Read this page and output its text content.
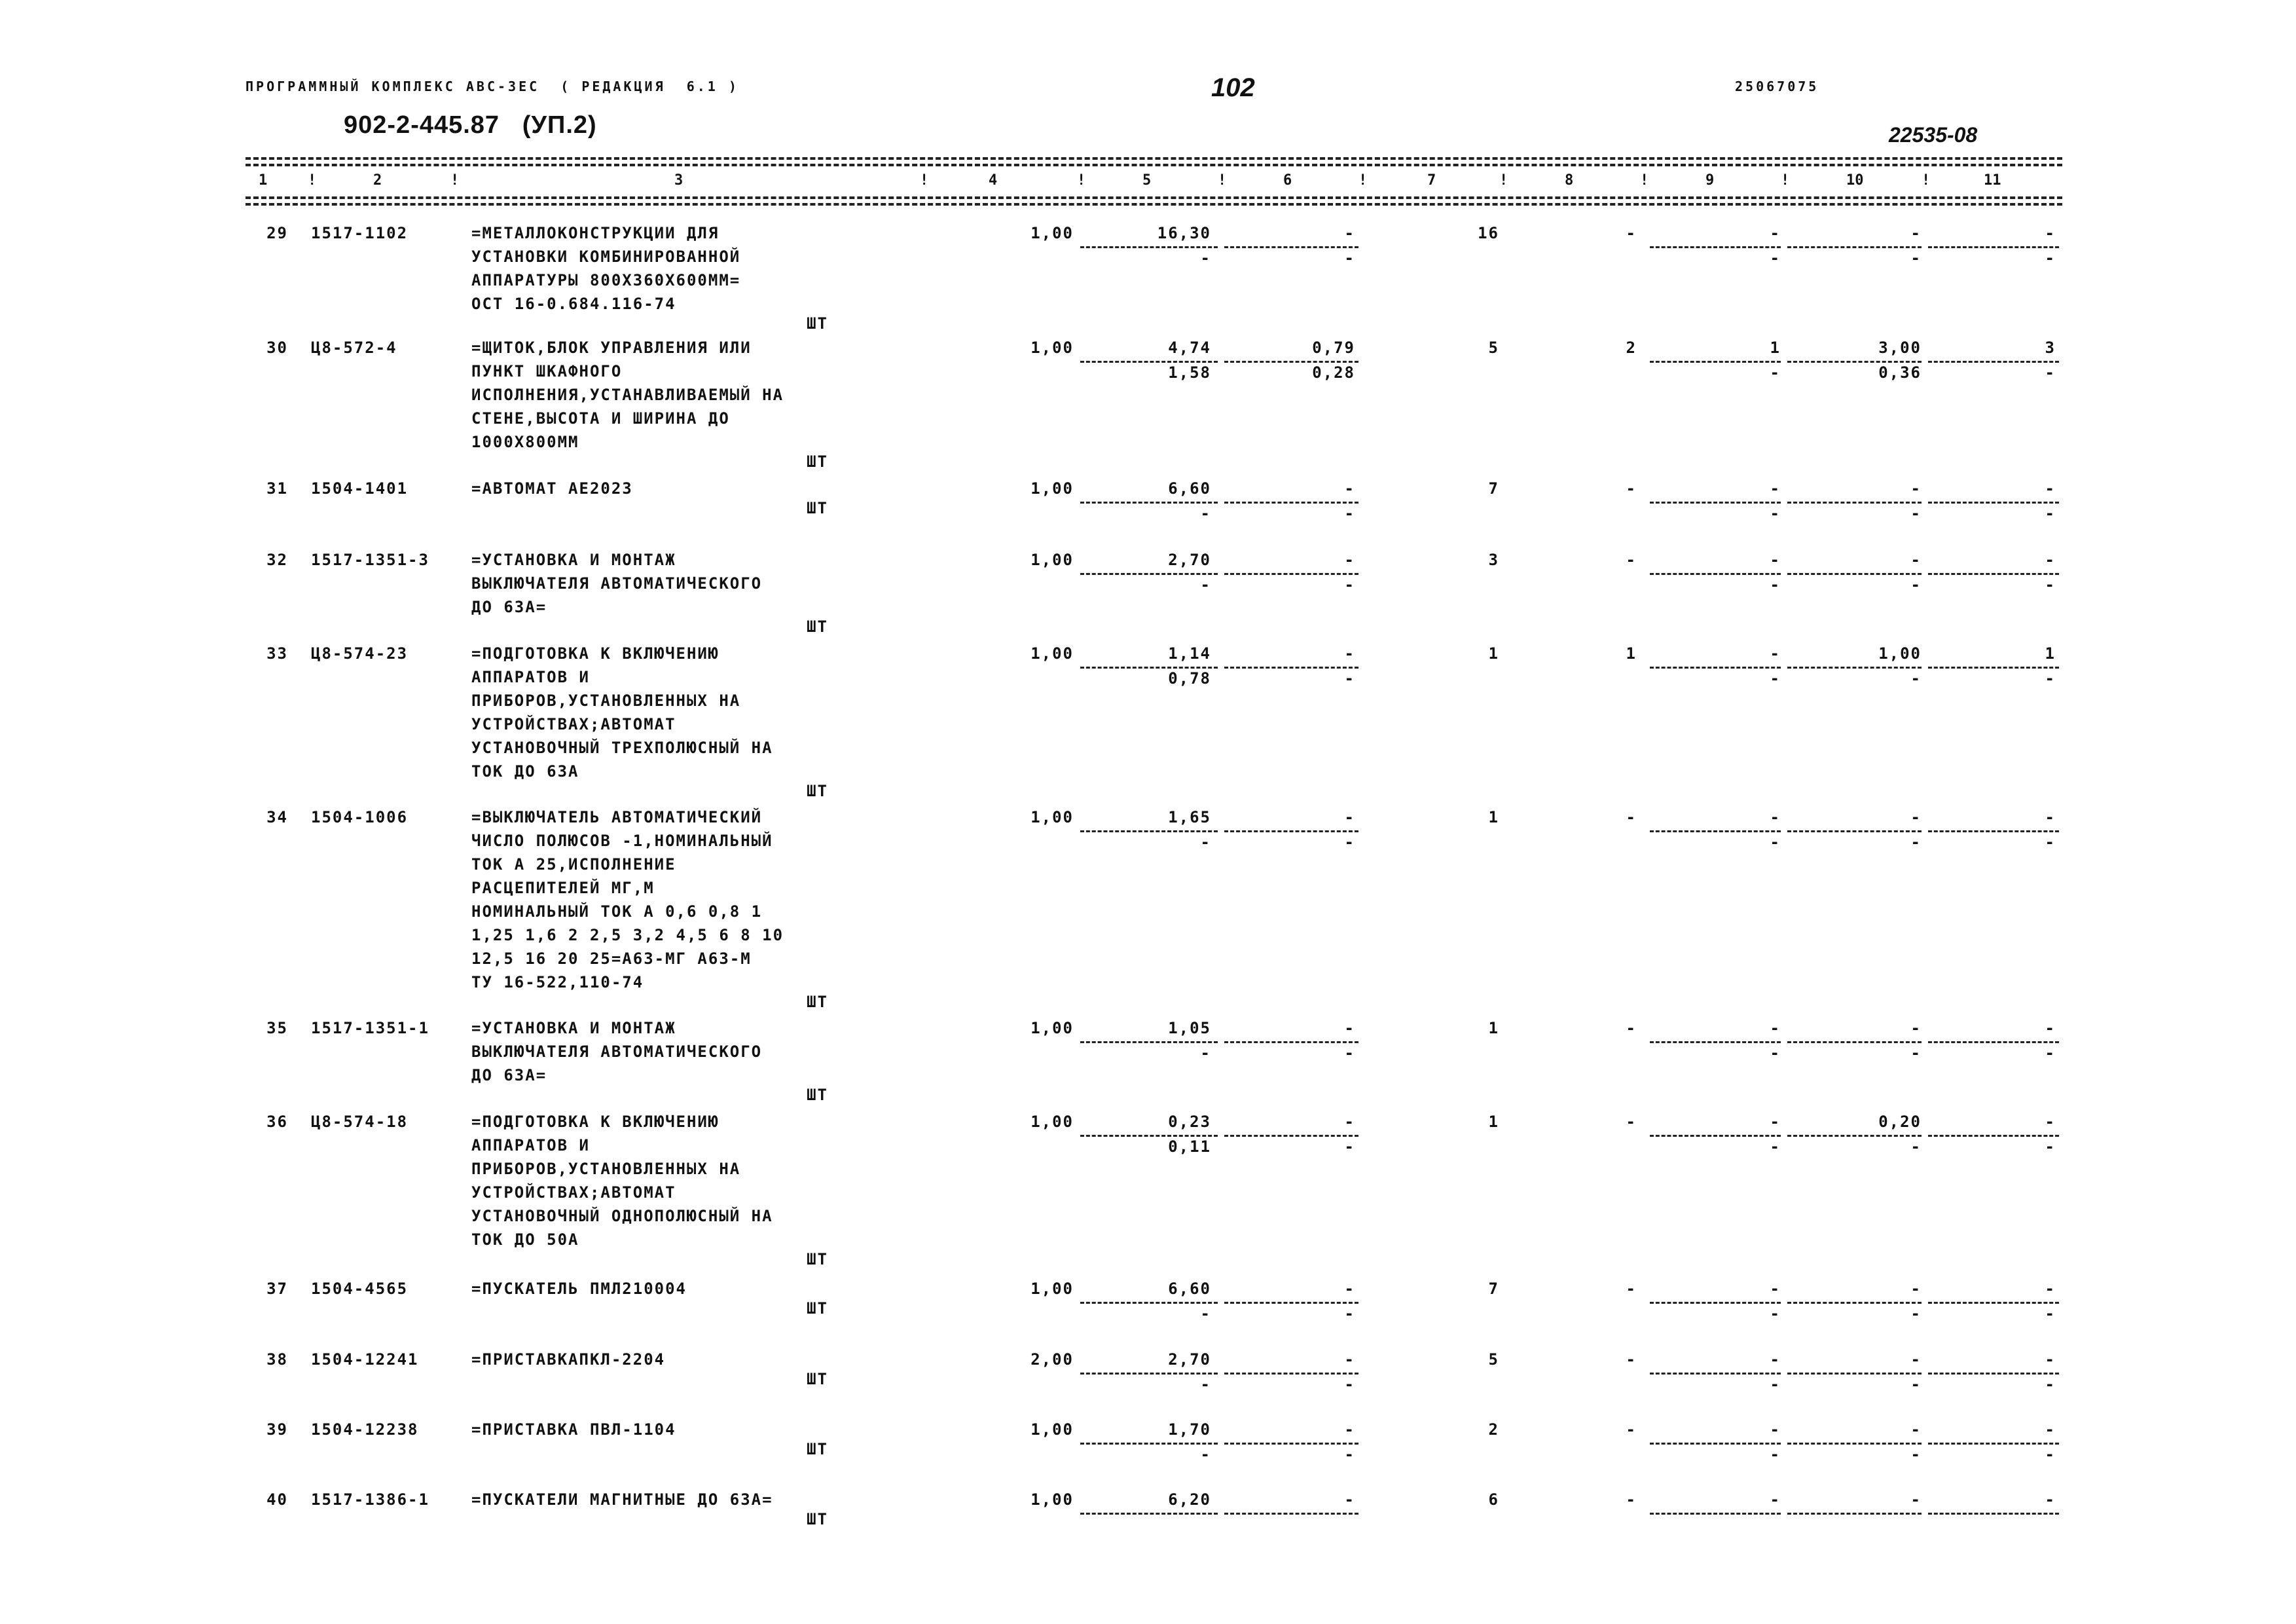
ПРОГРАММНЫЙ КОМПЛЕКС АВС-ЗЕС  ( РЕДАКЦИЯ  6.1 )	102	25067075
902-2-445.87   (УП.2)	22535-08
1	!	2	!	3	!	4	!	5	!	6	!	7	!	8	!	9	!	10	!	11
29 1517-1102	=МЕТАЛЛОКОНСТРУКЦИИ ДЛЯ
УСТАНОВКИ КОМБИНИРОВАННОЙ
АППАРАТУРЫ 800Х360Х600ММ=
ОСТ 16-0.684.116-74
ШТ
1,00	16,30	-	16	-	-	-	-
-	-	-	-	-
30 Ц8-572-4	=ЩИТОК,БЛОК УПРАВЛЕНИЯ ИЛИ
ПУНКТ ШКАФНОГО
ИСПОЛНЕНИЯ,УСТАНАВЛИВАЕМЫЙ НА
СТЕНЕ,ВЫСОТА И ШИРИНА ДО
1000Х800ММ
ШТ
1,00	4,74	0,79	5	2	1	3,00	3
1,58	0,28	-	0,36	-
31 1504-1401	=АВТОМАТ АЕ2023
ШТ
1,00	6,60	-	7	-	-	-	-
-	-	-	-	-
32 1517-1351-3	=УСТАНОВКА И МОНТАЖ
ВЫКЛЮЧАТЕЛЯ АВТОМАТИЧЕСКОГО
ДО 63А=
ШТ
1,00	2,70	-	3	-	-	-	-
-	-	-	-	-
33 Ц8-574-23	=ПОДГОТОВКА К ВКЛЮЧЕНИЮ
АППАРАТОВ И
ПРИБОРОВ,УСТАНОВЛЕННЫХ НА
УСТРОЙСТВАХ;АВТОМАТ
УСТАНОВОЧНЫЙ ТРЕХПОЛЮСНЫЙ НА
ТОК ДО 63А
ШТ
1,00	1,14	-	1	1	-	1,00	1
0,78	-	-	-	-
34 1504-1006	=ВЫКЛЮЧАТЕЛЬ АВТОМАТИЧЕСКИЙ
ЧИСЛО ПОЛЮСОВ -1,НОМИНАЛЬНЫЙ
ТОК А 25,ИСПОЛНЕНИЕ
РАСЦЕПИТЕЛЕЙ МГ,М
НОМИНАЛЬНЫЙ ТОК А 0,6 0,8 1
1,25 1,6 2 2,5 3,2 4,5 6 8 10
12,5 16 20 25=А63-МГ А63-М
ТУ 16-522,110-74
ШТ
1,00	1,65	-	1	-	-	-	-
-	-	-	-	-
35 1517-1351-1	=УСТАНОВКА И МОНТАЖ
ВЫКЛЮЧАТЕЛЯ АВТОМАТИЧЕСКОГО
ДО 63А=
ШТ
1,00	1,05	-	1	-	-	-	-
-	-	-	-	-
36 Ц8-574-18	=ПОДГОТОВКА К ВКЛЮЧЕНИЮ
АППАРАТОВ И
ПРИБОРОВ,УСТАНОВЛЕННЫХ НА
УСТРОЙСТВАХ;АВТОМАТ
УСТАНОВОЧНЫЙ ОДНОПОЛЮСНЫЙ НА
ТОК ДО 50А
ШТ
1,00	0,23	-	1	-	-	0,20	-
0,11	-	-	-	-
37 1504-4565	=ПУСКАТЕЛЬ ПМЛ210004
ШТ
1,00	6,60	-	7	-	-	-	-
-	-	-	-	-
38 1504-12241	=ПРИСТАВКАПКЛ-2204
ШТ
2,00	2,70	-	5	-	-	-	-
-	-	-	-	-
39 1504-12238	=ПРИСТАВКА ПВЛ-1104
ШТ
1,00	1,70	-	2	-	-	-	-
-	-	-	-	-
40 1517-1386-1	=ПУСКАТЕЛИ МАГНИТНЫЕ ДО 63А=
ШТ
1,00	6,20	-	6	-	-	-	-
